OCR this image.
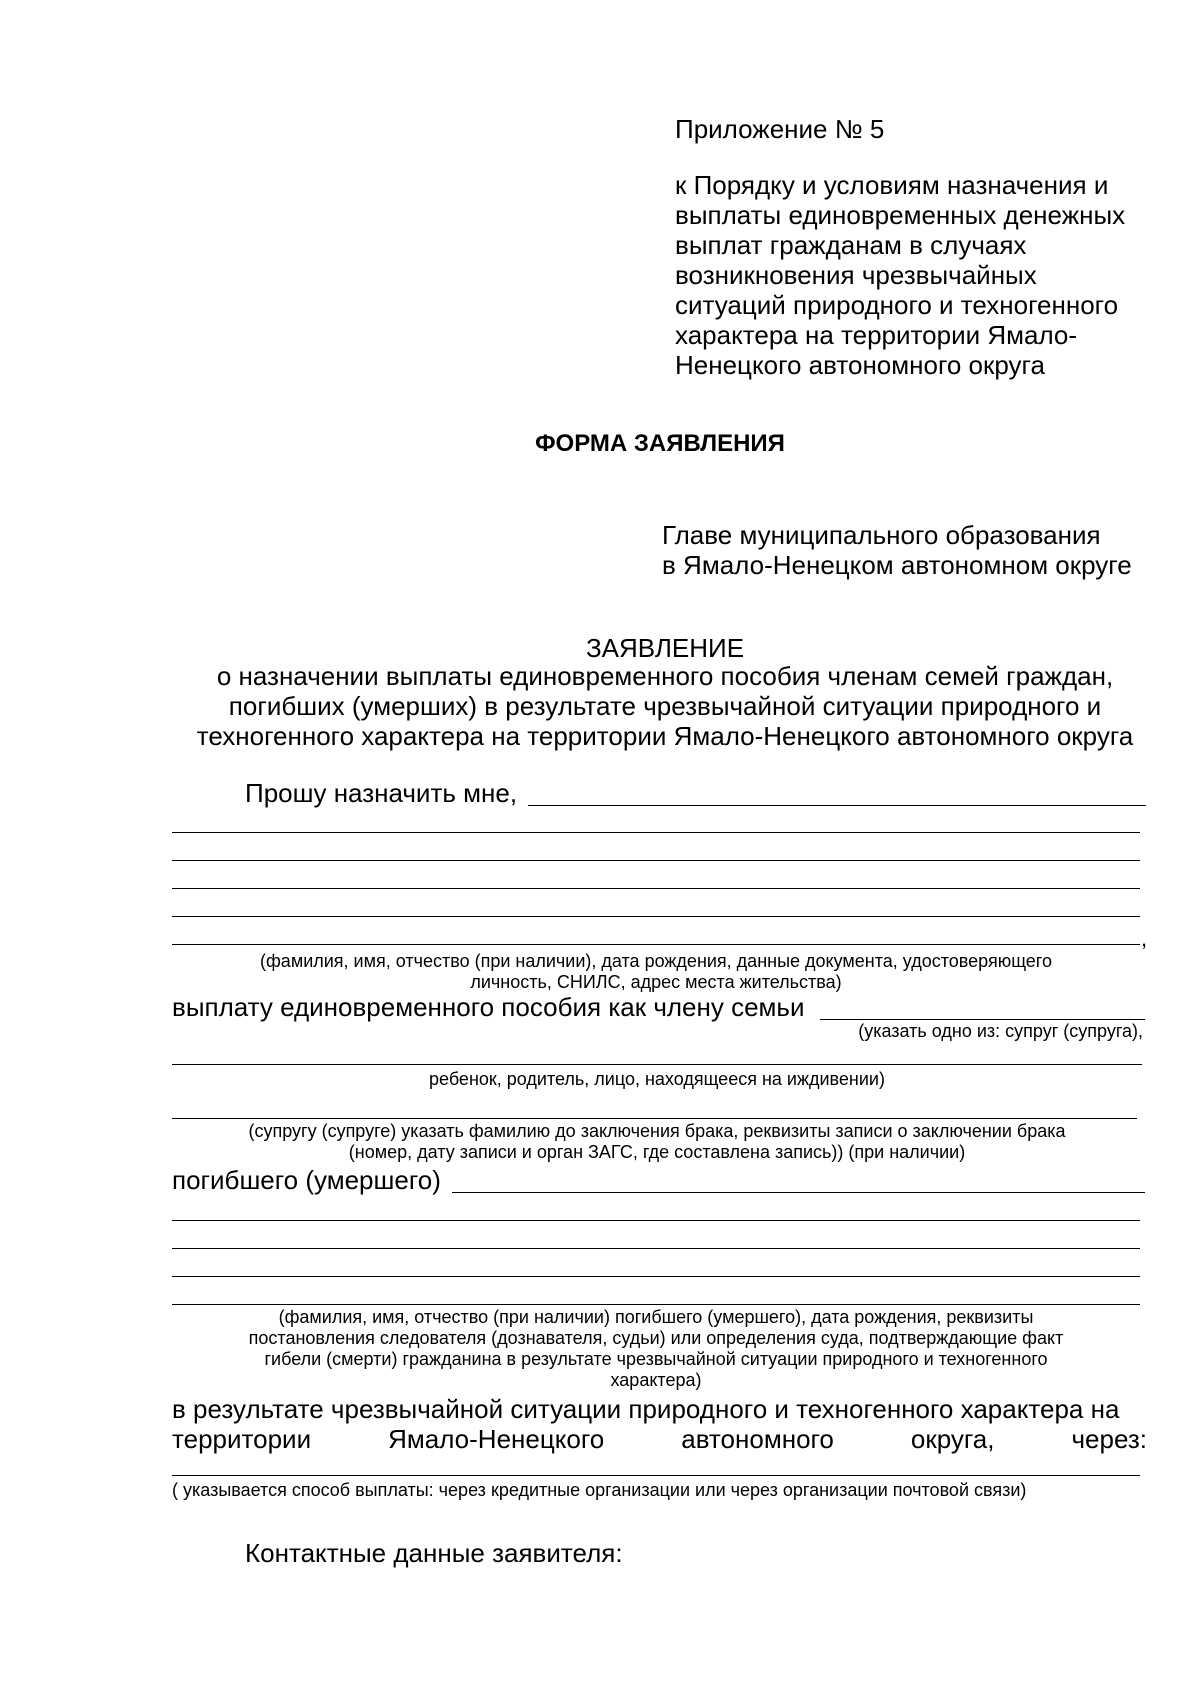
Приложение № 5
к Порядку и условиям назначения и
выплаты единовременных денежных
выплат гражданам в случаях
возникновения чрезвычайных
ситуаций природного и техногенного
характера на территории Ямало-
Ненецкого автономного округа
ФОРМА ЗАЯВЛЕНИЯ
Главе муниципального образования
в Ямало-Ненецком автономном округе
ЗАЯВЛЕНИЕ
о назначении выплаты единовременного пособия членам семей граждан,
погибших (умерших) в результате чрезвычайной ситуации природного и
техногенного характера на территории Ямало-Ненецкого автономного округа
Прошу назначить мне,
,
(фамилия, имя, отчество (при наличии), дата рождения, данные документа, удостоверяющего
личность, СНИЛС, адрес места жительства)
выплату единовременного пособия как члену семьи
(указать одно из: супруг (супруга),
ребенок, родитель, лицо, находящееся на иждивении)
(супругу (супруге) указать фамилию до заключения брака, реквизиты записи о заключении брака
(номер, дату записи и орган ЗАГС, где составлена запись)) (при наличии)
погибшего (умершего)
(фамилия, имя, отчество (при наличии) погибшего (умершего), дата рождения, реквизиты
постановления следователя (дознавателя, судьи) или определения суда, подтверждающие факт
гибели (смерти) гражданина в результате чрезвычайной ситуации природного и техногенного
характера)
в результате чрезвычайной ситуации природного и техногенного характера на
территории Ямало-Ненецкого автономного округа, через:
( указывается способ выплаты: через кредитные организации или через организации почтовой связи)
Контактные данные заявителя:
